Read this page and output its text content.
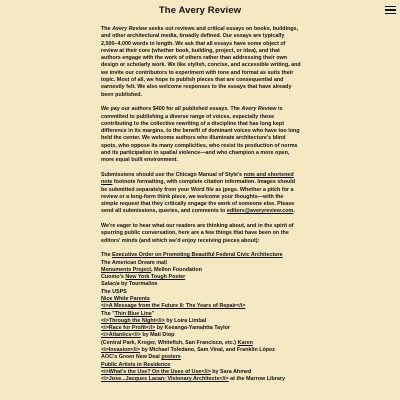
The Avery Review

The Avery Review seeks out reviews and critical essays on books, buildings, and other architectural media, broadly defined. Our essays are typically 2,500–4,000 words in length. We ask that all essays have some object of review at their core (whether book, building, project, or idea), and that authors engage with the work of others rather than addressing their own design or scholarly work. We like stylish, concise, and accessible writing, and we invite our contributors to experiment with tone and format as suits their topic. Most of all, we hope to publish pieces that are consequential and earnestly felt. We also welcome responses to the essays that have already been published.

We pay our authors $400 for all published essays. The Avery Review is committed to publishing a diverse range of voices, especially those contributing to the collective rewriting of a discipline that has long kept difference in its margins, to the benefit of dominant voices who have too long held the center. We welcome authors who illuminate architecture's blind spots, who oppose its many complicities, who resist its production of norms and its participation in spatial violence—and who champion a more open, more equal built environment.

Submissions should use the Chicago Manual of Style's note and shortened note footnote formatting, with complete citation information. Images should be submitted separately from your Word file as jpegs. Whether a pitch for a review or a long-form think piece, we welcome your thoughts—with the simple request that they critically engage the work of someone else. Please send all submissions, queries, and comments to editors@averyreview.com.

We're eager to hear what our readers are thinking about, and in the spirit of spurring public conversation, here are a few things that have been on the editors' minds (and which we'd enjoy receiving pieces about):

The Executive Order on Promoting Beautiful Federal Civic Architecture
The American Dream mall
Monuments Project, Mellon Foundation
Cuomo's New York Tough Poster
Salacia by Tourmaline
The USPS
Nice White Parents
<i>A Message from the Future II: The Years of Repair</i>
The "Thin Blue Line"
<i>Through the Night</i> by Loira Limbal
<i>Race for Profit</i> by Keeanga-Yamahtta Taylor
<i>Atlantics</i> by Mati Diop
(Central Park, Kroger, Whitefish, San Francisco, etc.) Karen
<i>Invasion</i> by Michael Toledano, Sam Vinal, and Franklin López
AOC's Green New Deal posters
Public Artists in Residence
<i>What's the Use? On the Uses of Use</i> by Sara Ahmed
<i>Jose...Jacques Lacan: Visionary Architects</i> at the Marrow Library
